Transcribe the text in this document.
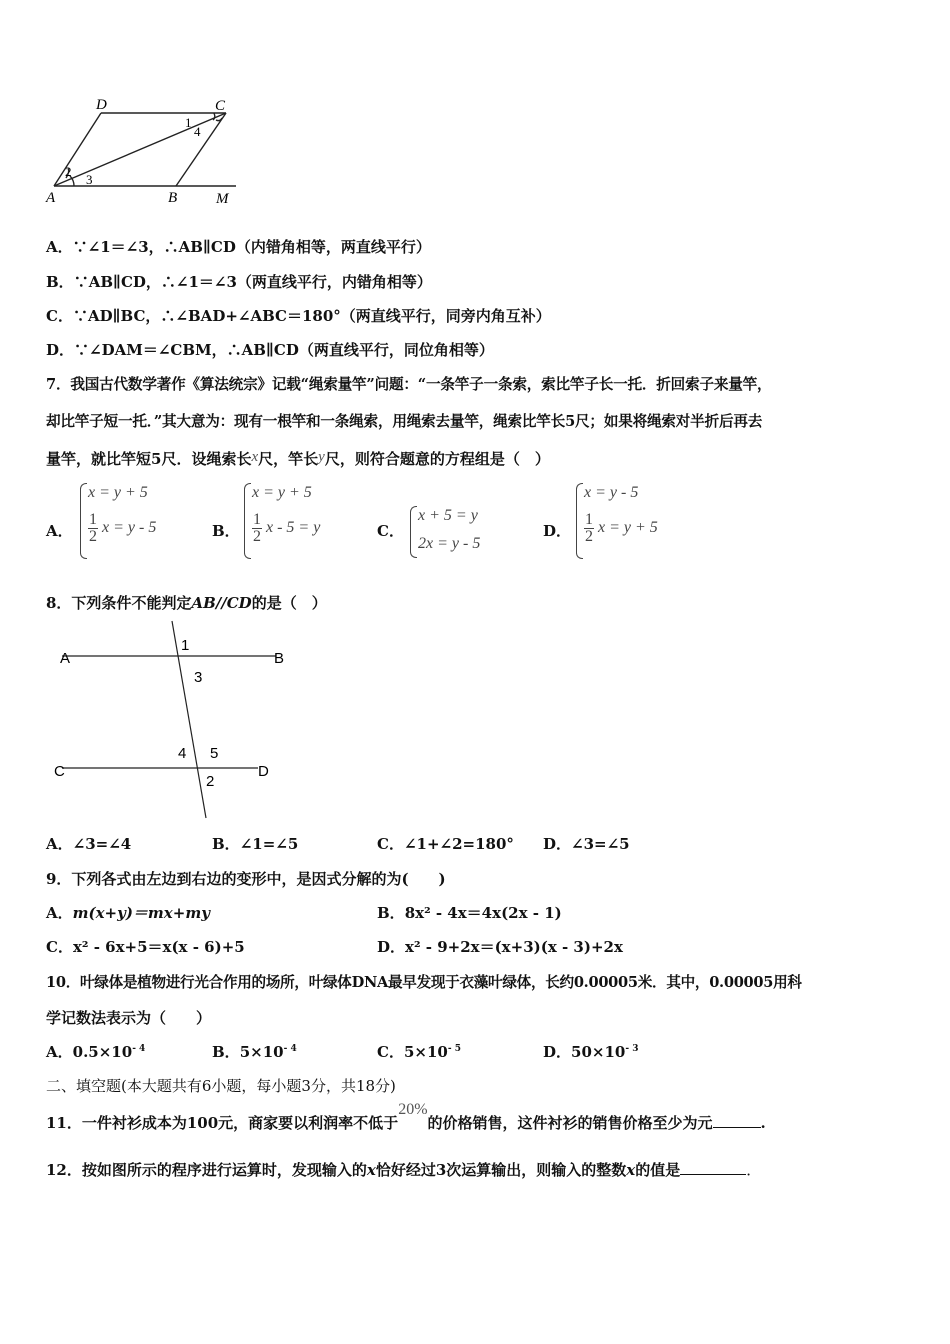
D	C
A	B	M
1
4
2
3
A．∵∠1＝∠3，∴AB∥CD（内错角相等，两直线平行）
B．∵AB∥CD，∴∠1＝∠3（两直线平行，内错角相等）
C．∵AD∥BC，∴∠BAD+∠ABC＝180°（两直线平行，同旁内角互补）
D．∵∠DAM＝∠CBM，∴AB∥CD（两直线平行，同位角相等）
7．我国古代数学著作《算法统宗》记载“绳索量竿”问题：“一条竿子一条索，索比竿子长一托．折回索子来量竿，
却比竿子短一托．”其大意为：现有一根竿和一条绳索，用绳索去量竿，绳索比竿长5尺；如果将绳索对半折后再去
量竿，就比竿短5尺．设绳索长x尺，竿长y尺，则符合题意的方程组是（　）
A．
x = y + 5
$\frac{1}{2}$ x = y - 5	B．
x = y + 5
$\frac{1}{2}$ x - 5 = y	C．
x + 5 = y
2x = y - 5
D．
x = y - 5
$\frac{1}{2}$ x = y + 5
8．下列条件不能判定AB//CD的是（　）
A	B
C	D
1
3
4 5
2
A．∠3=∠4	B．∠1=∠5	C．∠1+∠2=180° D．∠3=∠5
9．下列各式由左边到右边的变形中，是因式分解的为(　　)
A．m(x+y)＝mx+my	B．8x² - 4x＝4x(2x - 1)
C．x² - 6x+5＝x(x - 6)+5	D．x² - 9+2x＝(x+3)(x - 3)+2x
10．叶绿体是植物进行光合作用的场所，叶绿体DNA最早发现于衣藻叶绿体，长约0.00005米．其中，0.00005用科
学记数法表示为（　　）
A．$0.5\times 10^{- 4}$	B．$5\times 10^{- 4}$	C．$5\times 10^{- 5}$	D．$50\times 10^{- 3}$
二、填空题(本大题共有6小题，每小题3分，共18分)
11．一件衬衫成本为100元，商家要以利润率不低于20%的价格销售，这件衬衫的销售价格至少为元	.
12．按如图所示的程序进行运算时，发现输入的x恰好经过3次运算输出，则输入的整数x的值是	．
